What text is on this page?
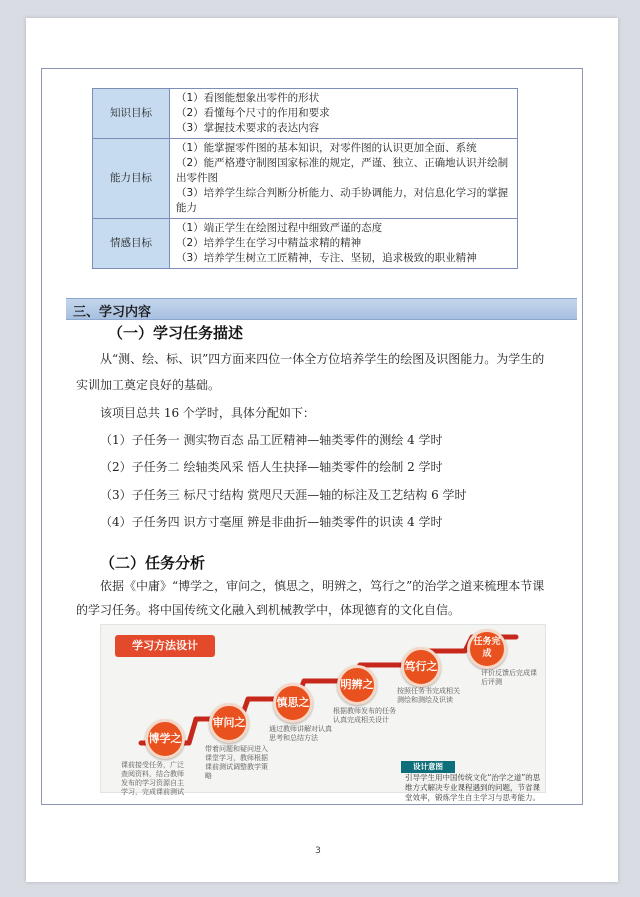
知识目标	（1）看图能想象出零件的形状
（2）看懂每个尺寸的作用和要求
（3）掌握技术要求的表达内容

能力目标	（1）能掌握零件图的基本知识，对零件图的认识更加全面、系统
（2）能严格遵守制图国家标准的规定，严谨、独立、正确地认识并绘制
出零件图
（3）培养学生综合判断分析能力、动手协调能力，对信息化学习的掌握
能力

情感目标	（1）端正学生在绘图过程中细致严谨的态度
（2）培养学生在学习中精益求精的精神
（3）培养学生树立工匠精神，专注、坚韧，追求极致的职业精神
三、学习内容
（一）学习任务描述
从“测、绘、标、识”四方面来四位一体全方位培养学生的绘图及识图能力。为学生的
实训加工奠定良好的基础。
该项目总共 16 个学时，具体分配如下：
（1）子任务一 测实物百态 品工匠精神—轴类零件的测绘 4 学时
（2）子任务二 绘轴类风采 悟人生抉择—轴类零件的绘制 2 学时
（3）子任务三 标尺寸结构 赏咫尺天涯—轴的标注及工艺结构 6 学时
（4）子任务四 识方寸毫厘 辨是非曲折—轴类零件的识读 4 学时
（二）任务分析
依据《中庸》“博学之，审问之，慎思之，明辨之，笃行之”的治学之道来梳理本节课
的学习任务。将中国传统文化融入到机械教学中，体现德育的文化自信。
学习方法设计
博学之
审问之
慎思之
明辨之
笃行之
任务完成
课前接受任务，广泛查阅资料，结合教师发布的学习资源自主学习，完成课前测试
带着问题和疑问进入课堂学习，教师根据课前测试调整教学策略
通过教师讲解对认真思考和总结方法
根据教师发布的任务认真完成相关设计
按照任务书完成相关测绘和测绘及识读
评价反馈后完成课后评测
设计意图
引导学生用中国传统文化“治学之道”的思维方式解决专业课程遇到的问题，节省课堂效率，锻炼学生自主学习与思考能力。
3
